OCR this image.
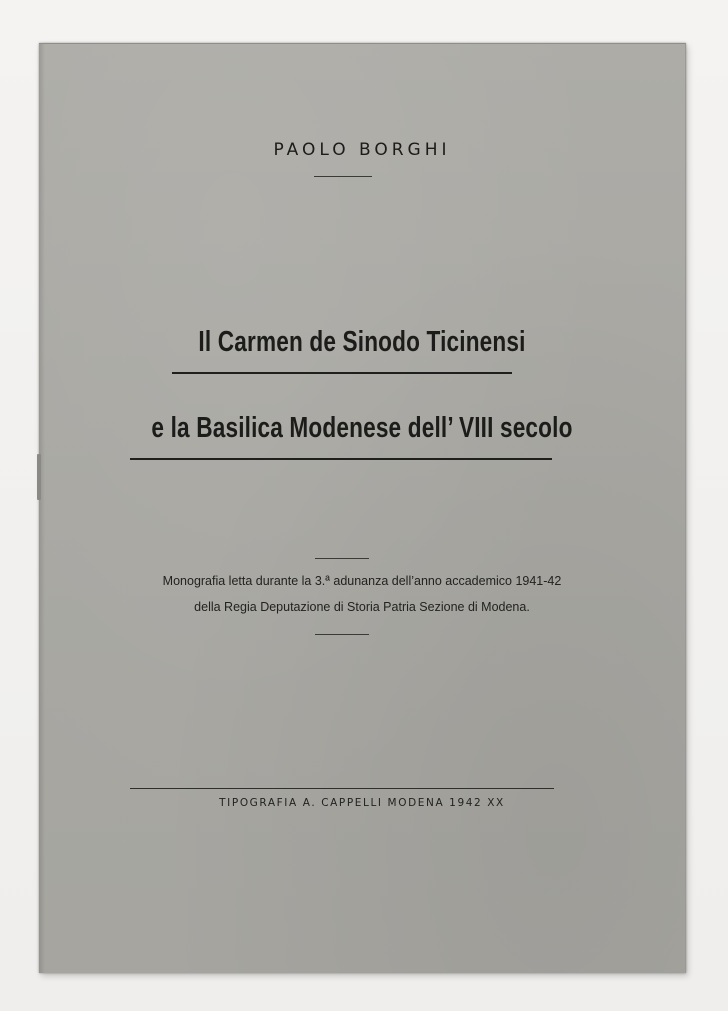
PAOLO BORGHI
Il Carmen de Sinodo Ticinensi
e la Basilica Modenese dell’ VIII secolo
Monografia letta durante la 3.ª adunanza dell’anno accademico 1941-42
della Regia Deputazione di Storia Patria Sezione di Modena.
TIPOGRAFIA A. CAPPELLI MODENA 1942 XX
